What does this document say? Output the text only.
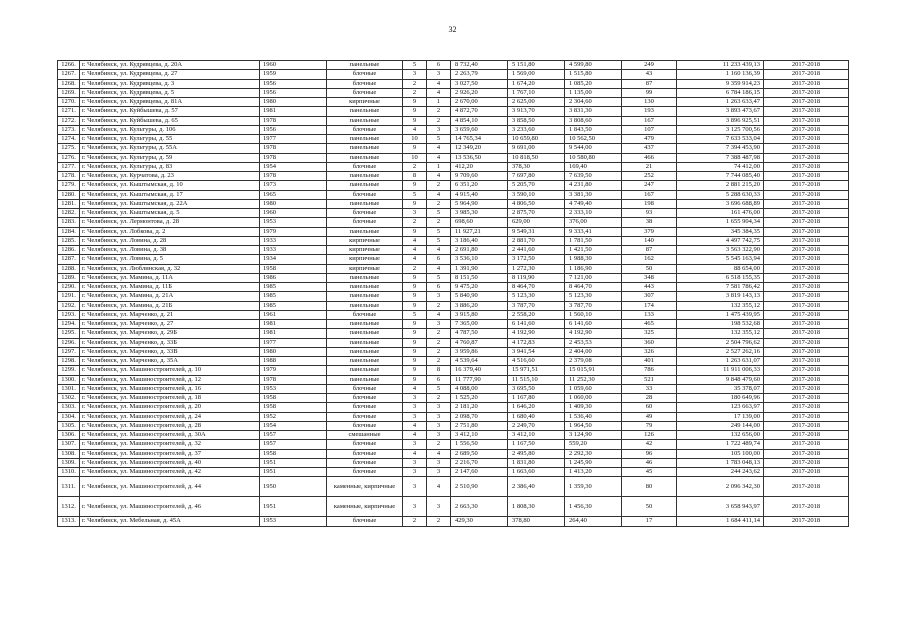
32
1266.	г. Челябинск, ул. Кудрявцева, д. 20А	1960	панельные	5	6	8 732,40	5 151,80	4 599,80	249	11 233 439,13	2017-2018
1267.	г. Челябинск, ул. Кудрявцева, д. 27	1959	блочные	3	3	2 263,79	1 569,00	1 515,80	43	1 160 136,39	2017-2018
1268.	г. Челябинск, ул. Кудрявцева, д. 3	1956	блочные	2	4	3 027,50	1 674,20	1 085,20	87	9 359 914,23	2017-2018
1269.	г. Челябинск, ул. Кудрявцева, д. 5	1956	блочные	2	4	2 926,20	1 767,10	1 135,00	99	6 784 186,15	2017-2018
1270.	г. Челябинск, ул. Кудрявцева, д. 81А	1980	кирпичные	9	1	2 670,00	2 625,00	2 304,60	130	1 263 633,47	2017-2018
1271.	г. Челябинск, ул. Куйбышева, д. 57	1981	панельные	9	2	4 872,70	3 913,70	3 831,30	193	3 893 473,67	2017-2018
1272.	г. Челябинск, ул. Куйбышева, д. 65	1978	панельные	9	2	4 854,10	3 858,50	3 808,60	167	3 896 925,51	2017-2018
1273.	г. Челябинск, ул. Культуры, д. 106	1956	блочные	4	3	3 659,60	3 233,60	1 843,50	107	3 125 700,56	2017-2018
1274.	г. Челябинск, ул. Культуры, д. 55	1977	панельные	10	5	14 765,34	10 659,80	10 562,50	479	7 633 533,04	2017-2018
1275.	г. Челябинск, ул. Культуры, д. 55А	1978	панельные	9	4	12 349,20	9 691,00	9 544,00	437	7 394 453,90	2017-2018
1276.	г. Челябинск, ул. Культуры, д. 59	1978	панельные	10	4	13 536,50	10 818,50	10 580,80	466	7 388 487,98	2017-2018
1277.	г. Челябинск, ул. Культуры, д. 83	1954	блочные	2	1	412,20	378,30	169,40	21	74 412,00	2017-2018
1278.	г. Челябинск, ул. Курчатова, д. 23	1978	панельные	8	4	9 709,60	7 697,80	7 639,50	252	7 744 085,40	2017-2018
1279.	г. Челябинск, ул. Кыштымская, д. 10	1973	панельные	9	2	6 351,20	5 205,70	4 231,80	247	2 881 215,20	2017-2018
1280.	г. Челябинск, ул. Кыштымская, д. 17	1965	блочные	5	4	4 915,40	3 590,10	3 381,30	167	5 288 630,33	2017-2018
1281.	г. Челябинск, ул. Кыштымская, д. 22А	1980	панельные	9	2	5 964,90	4 806,50	4 749,40	198	3 696 688,89	2017-2018
1282.	г. Челябинск, ул. Кыштымская, д. 5	1960	блочные	3	5	3 985,30	2 875,70	2 333,10	93	161 476,00	2017-2018
1283.	г. Челябинск, ул. Лермонтова, д. 28	1953	блочные	2	2	698,60	629,00	376,00	38	1 655 904,34	2017-2018
1284.	г. Челябинск, ул. Лобкова, д. 2	1979	панельные	9	5	11 927,21	9 549,31	9 333,41	379	345 384,35	2017-2018
1285.	г. Челябинск, ул. Ловина, д. 28	1933	кирпичные	4	5	3 186,40	2 881,70	1 781,50	140	4 497 742,75	2017-2018
1286.	г. Челябинск, ул. Ловина, д. 38	1933	кирпичные	4	4	2 691,80	2 441,60	1 421,50	87	3 563 322,90	2017-2018
1287.	г. Челябинск, ул. Ловина, д. 5	1934	кирпичные	4	6	3 536,10	3 172,50	1 988,30	162	5 545 163,94	2017-2018
1288.	г. Челябинск, ул. Люблинская, д. 32	1958	кирпичные	2	4	1 391,90	1 272,30	1 186,90	50	88 654,00	2017-2018
1289.	г. Челябинск, ул. Мамина, д. 11А	1986	панельные	9	5	8 151,50	8 119,90	7 121,00	348	6 518 155,35	2017-2018
1290.	г. Челябинск, ул. Мамина, д. 11Б	1985	панельные	9	6	9 475,20	8 464,70	8 464,70	443	7 581 786,42	2017-2018
1291.	г. Челябинск, ул. Мамина, д. 21А	1985	панельные	9	3	5 840,90	5 123,30	5 123,30	307	3 819 143,13	2017-2018
1292.	г. Челябинск, ул. Мамина, д. 21Б	1985	панельные	9	2	3 886,20	3 787,70	3 787,70	174	132 355,12	2017-2018
1293.	г. Челябинск, ул. Марченко, д. 21	1961	блочные	5	4	3 915,80	2 558,20	1 560,10	133	1 475 439,95	2017-2018
1294.	г. Челябинск, ул. Марченко, д. 27	1981	панельные	9	3	7 365,00	6 141,60	6 141,60	465	198 532,68	2017-2018
1295.	г. Челябинск, ул. Марченко, д. 29Б	1981	панельные	9	2	4 787,50	4 192,90	4 192,90	325	132 355,12	2017-2018
1296.	г. Челябинск, ул. Марченко, д. 33Б	1977	панельные	9	2	4 760,87	4 172,83	2 453,53	360	2 504 796,62	2017-2018
1297.	г. Челябинск, ул. Марченко, д. 33В	1980	панельные	9	2	3 959,86	3 941,54	2 404,00	326	2 527 262,16	2017-2018
1298.	г. Челябинск, ул. Марченко, д. 35А	1988	панельные	9	2	4 539,64	4 516,60	2 379,08	401	1 263 631,07	2017-2018
1299.	г. Челябинск, ул. Машиностроителей, д. 10	1979	панельные	9	8	16 379,40	15 971,51	15 015,91	786	11 911 006,33	2017-2018
1300.	г. Челябинск, ул. Машиностроителей, д. 12	1978	панельные	9	6	11 777,90	11 515,10	11 252,30	521	9 848 479,60	2017-2018
1301.	г. Челябинск, ул. Машиностроителей, д. 16	1953	блочные	4	5	4 088,00	3 695,50	1 059,60	33	35 378,07	2017-2018
1302.	г. Челябинск, ул. Машиностроителей, д. 18	1958	блочные	3	2	1 525,20	1 167,80	1 060,00	28	180 649,96	2017-2018
1303.	г. Челябинск, ул. Машиностроителей, д. 20	1958	блочные	3	3	2 181,20	1 646,20	1 409,30	60	123 663,97	2017-2018
1304.	г. Челябинск, ул. Машиностроителей, д. 24	1952	блочные	3	3	2 098,70	1 680,40	1 536,40	49	17 139,00	2017-2018
1305.	г. Челябинск, ул. Машиностроителей, д. 28	1954	блочные	4	3	2 751,80	2 249,70	1 964,50	79	249 144,00	2017-2018
1306.	г. Челябинск, ул. Машиностроителей, д. 30А	1957	смешанные	4	3	3 412,10	3 412,10	3 124,90	126	132 656,00	2017-2018
1307.	г. Челябинск, ул. Машиностроителей, д. 32	1957	блочные	3	2	1 556,50	1 167,50	559,20	42	1 722 489,74	2017-2018
1308.	г. Челябинск, ул. Машиностроителей, д. 37	1958	блочные	4	4	2 689,50	2 495,80	2 292,30	96	105 100,00	2017-2018
1309.	г. Челябинск, ул. Машиностроителей, д. 40	1951	блочные	3	3	2 216,70	1 831,80	1 245,90	46	1 783 048,13	2017-2018
1310.	г. Челябинск, ул. Машиностроителей, д. 42	1951	блочные	3	3	2 147,60	1 663,60	1 413,20	45	244 243,62	2017-2018
1311.	г. Челябинск, ул. Машиностроителей, д. 44	1950	каменные, кирпичные	3	4	2 510,90	2 386,40	1 359,30	80	2 096 342,30	2017-2018
1312.	г. Челябинск, ул. Машиностроителей, д. 46	1951	каменные, кирпичные	3	3	2 663,30	1 808,30	1 456,30	50	3 658 943,97	2017-2018
1313.	г. Челябинск, ул. Мебельная, д. 45А	1953	блочные	2	2	429,30	378,80	264,40	17	1 684 411,14	2017-2018
